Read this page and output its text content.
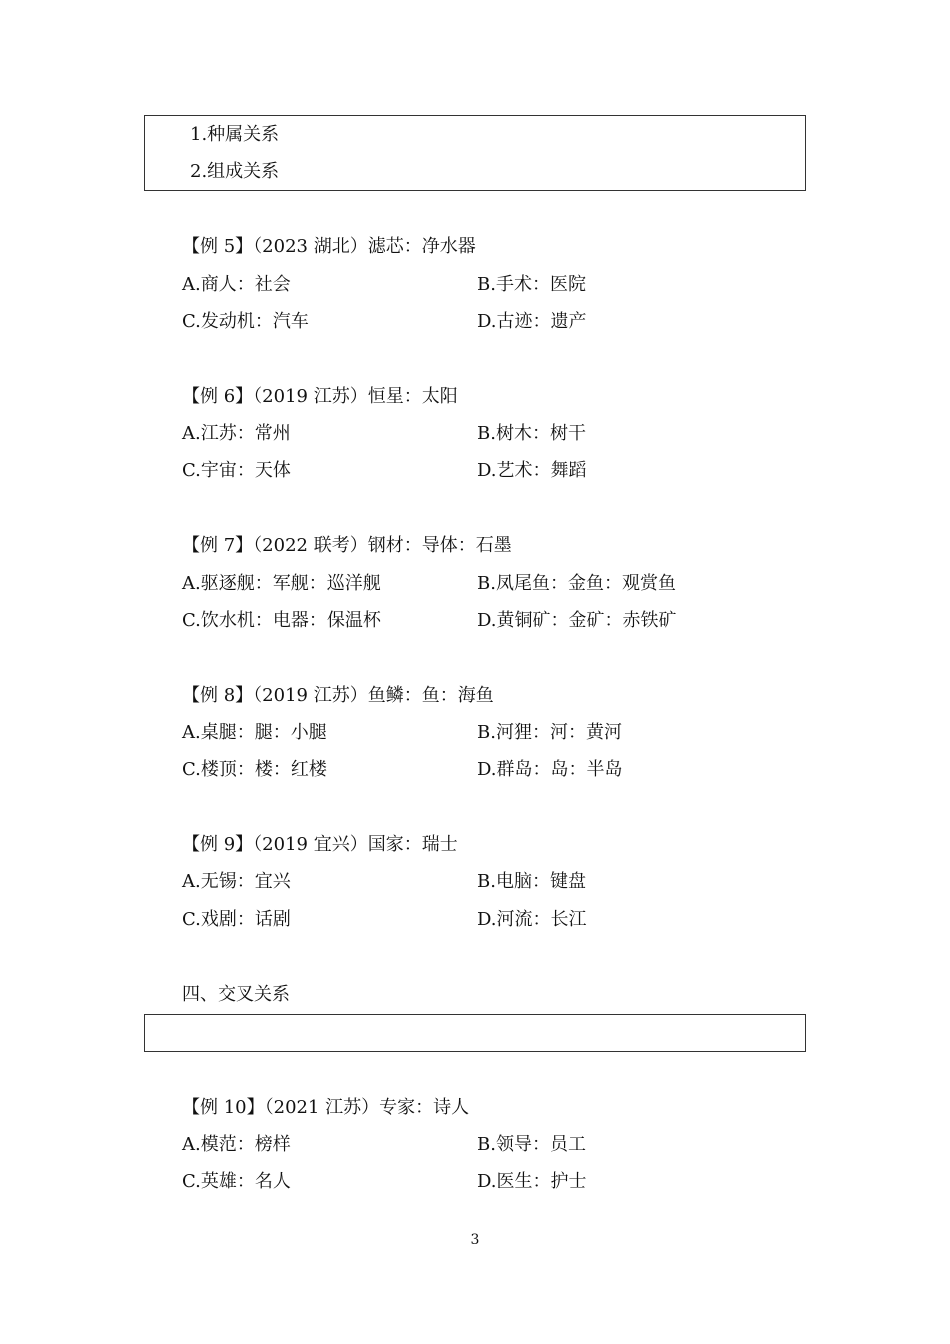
1.种属关系
2.组成关系
【例 5】（2023 湖北）滤芯：净水器
A.商人：社会	B.手术：医院
C.发动机：汽车	D.古迹：遗产
【例 6】（2019 江苏）恒星：太阳
A.江苏：常州	B.树木：树干
C.宇宙：天体	D.艺术：舞蹈
【例 7】（2022 联考）钢材：导体：石墨
A.驱逐舰：军舰：巡洋舰	B.凤尾鱼：金鱼：观赏鱼
C.饮水机：电器：保温杯	D.黄铜矿：金矿：赤铁矿
【例 8】（2019 江苏）鱼鳞：鱼：海鱼
A.桌腿：腿：小腿	B.河狸：河：黄河
C.楼顶：楼：红楼	D.群岛：岛：半岛
【例 9】（2019 宜兴）国家：瑞士
A.无锡：宜兴	B.电脑：键盘
C.戏剧：话剧	D.河流：长江
四、交叉关系
【例 10】（2021 江苏）专家：诗人
A.模范：榜样	B.领导：员工
C.英雄：名人	D.医生：护士
3
